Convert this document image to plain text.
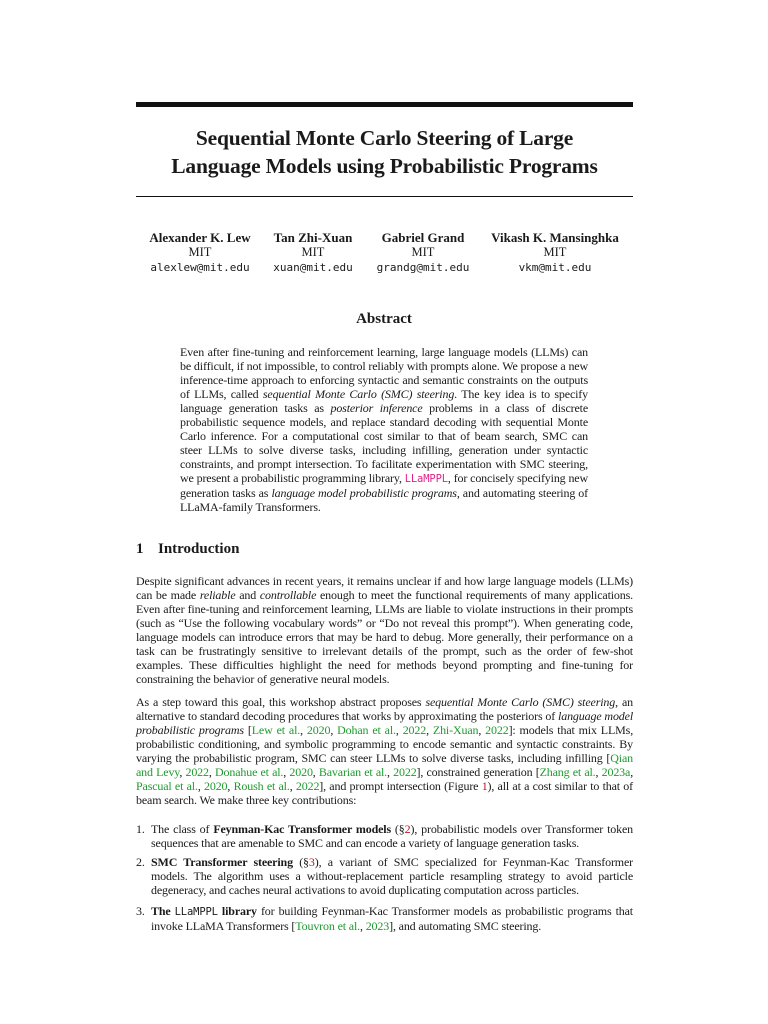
Sequential Monte Carlo Steering of Large
Language Models using Probabilistic Programs
Alexander K. Lew
MIT
alexlew@mit.edu
Tan Zhi-Xuan
MIT
xuan@mit.edu
Gabriel Grand
MIT
grandg@mit.edu
Vikash K. Mansinghka
MIT
vkm@mit.edu
Abstract
Even after fine-tuning and reinforcement learning, large language models (LLMs) can be difficult, if not impossible, to control reliably with prompts alone. We propose a new inference-time approach to enforcing syntactic and semantic constraints on the outputs of LLMs, called sequential Monte Carlo (SMC) steering. The key idea is to specify language generation tasks as posterior inference problems in a class of discrete probabilistic sequence models, and replace standard decoding with sequential Monte Carlo inference. For a computational cost similar to that of beam search, SMC can steer LLMs to solve diverse tasks, including infilling, generation under syntactic constraints, and prompt intersection. To facilitate experimentation with SMC steering, we present a probabilistic programming library, LLaMPPL, for concisely specifying new generation tasks as language model probabilistic programs, and automating steering of LLaMA-family Transformers.
1 Introduction
Despite significant advances in recent years, it remains unclear if and how large language models (LLMs) can be made reliable and controllable enough to meet the functional requirements of many applications. Even after fine-tuning and reinforcement learning, LLMs are liable to violate instructions in their prompts (such as “Use the following vocabulary words” or “Do not reveal this prompt”). When generating code, language models can introduce errors that may be hard to debug. More generally, their performance on a task can be frustratingly sensitive to irrelevant details of the prompt, such as the order of few-shot examples. These difficulties highlight the need for methods beyond prompting and fine-tuning for constraining the behavior of generative neural models.
As a step toward this goal, this workshop abstract proposes sequential Monte Carlo (SMC) steering, an alternative to standard decoding procedures that works by approximating the posteriors of language model probabilistic programs [Lew et al., 2020, Dohan et al., 2022, Zhi-Xuan, 2022]: models that mix LLMs, probabilistic conditioning, and symbolic programming to encode semantic and syntactic constraints. By varying the probabilistic program, SMC can steer LLMs to solve diverse tasks, including infilling [Qian and Levy, 2022, Donahue et al., 2020, Bavarian et al., 2022], constrained generation [Zhang et al., 2023a, Pascual et al., 2020, Roush et al., 2022], and prompt intersection (Figure 1), all at a cost similar to that of beam search. We make three key contributions:
1. The class of Feynman-Kac Transformer models (§2), probabilistic models over Transformer token sequences that are amenable to SMC and can encode a variety of language generation tasks.
2. SMC Transformer steering (§3), a variant of SMC specialized for Feynman-Kac Transformer models. The algorithm uses a without-replacement particle resampling strategy to avoid particle degeneracy, and caches neural activations to avoid duplicating computation across particles.
3. The LLaMPPL library for building Feynman-Kac Transformer models as probabilistic programs that invoke LLaMA Transformers [Touvron et al., 2023], and automating SMC steering.
